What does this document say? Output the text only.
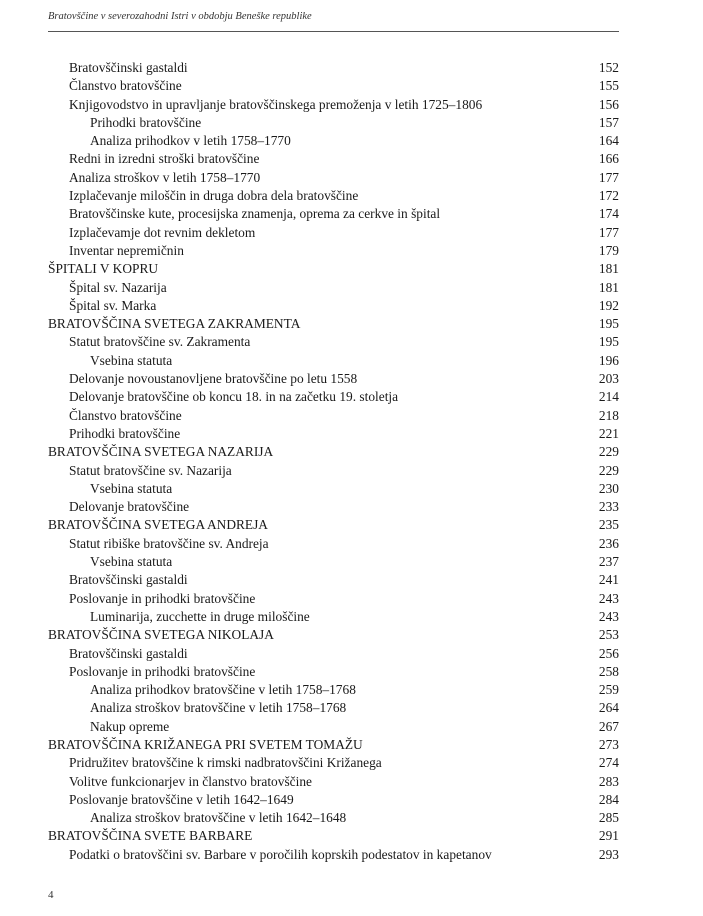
Bratovščine v severozahodni Istri v obdobju Beneške republike
Bratovščinski gastaldi	152
Članstvo bratovščine	155
Knjigovodstvo in upravljanje bratovščinskega premoženja v letih 1725–1806	156
Prihodki bratovščine	157
Analiza prihodkov v letih 1758–1770	164
Redni in izredni stroški bratovščine	166
Analiza stroškov v letih 1758–1770	177
Izplačevanje miloščin in druga dobra dela bratovščine	172
Bratovščinske kute, procesijska znamenja, oprema za cerkve in špital	174
Izplačevamje dot revnim dekletom	177
Inventar nepremičnin	179
ŠPITALI V KOPRU	181
Špital sv. Nazarija	181
Špital sv. Marka	192
BRATOVŠČINA SVETEGA ZAKRAMENTA	195
Statut bratovščine sv. Zakramenta	195
Vsebina statuta	196
Delovanje novoustanovljene bratovščine po letu 1558	203
Delovanje bratovščine ob koncu 18. in na začetku 19. stoletja	214
Članstvo bratovščine	218
Prihodki bratovščine	221
BRATOVŠČINA SVETEGA NAZARIJA	229
Statut bratovščine sv. Nazarija	229
Vsebina statuta	230
Delovanje bratovščine	233
BRATOVŠČINA SVETEGA ANDREJA	235
Statut ribiške bratovščine sv. Andreja	236
Vsebina statuta	237
Bratovščinski gastaldi	241
Poslovanje in prihodki bratovščine	243
Luminarija, zucchette in druge miloščine	243
BRATOVŠČINA SVETEGA NIKOLAJA	253
Bratovščinski gastaldi	256
Poslovanje in prihodki bratovščine	258
Analiza prihodkov bratovščine v letih 1758–1768	259
Analiza stroškov bratovščine v letih 1758–1768	264
Nakup opreme	267
BRATOVŠČINA KRIŽANEGA PRI SVETEM TOMAŽU	273
Pridružitev bratovščine k rimski nadbratovščini Križanega	274
Volitve funkcionarjev in članstvo bratovščine	283
Poslovanje bratovščine v letih 1642–1649	284
Analiza stroškov bratovščine v letih 1642–1648	285
BRATOVŠČINA SVETE BARBARE	291
Podatki o bratovščini sv. Barbare v poročilih koprskih podestatov in kapetanov	293
4
